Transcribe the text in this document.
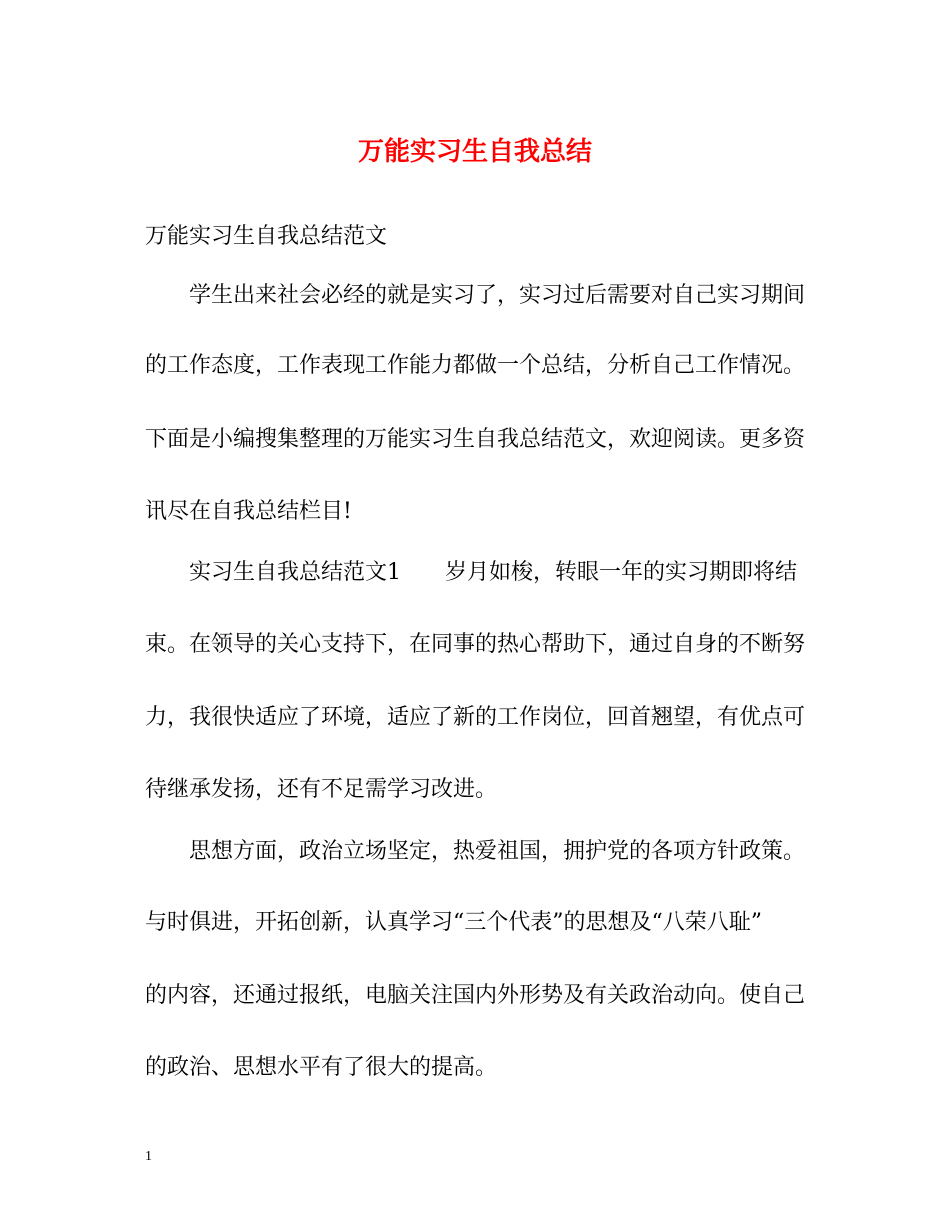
万能实习生自我总结

万能实习生自我总结范文

学生出来社会必经的就是实习了，实习过后需要对自己实习期间

的工作态度，工作表现工作能力都做一个总结，分析自己工作情况。

下面是小编搜集整理的万能实习生自我总结范文，欢迎阅读。更多资

讯尽在自我总结栏目!

实习生自我总结范文1　　岁月如梭，转眼一年的实习期即将结

束。在领导的关心支持下，在同事的热心帮助下，通过自身的不断努

力，我很快适应了环境，适应了新的工作岗位，回首翘望，有优点可

待继承发扬，还有不足需学习改进。

思想方面，政治立场坚定，热爱祖国，拥护党的各项方针政策。

与时俱进，开拓创新，认真学习“三个代表”的思想及“八荣八耻”

的内容，还通过报纸，电脑关注国内外形势及有关政治动向。使自己

的政治、思想水平有了很大的提高。

1
